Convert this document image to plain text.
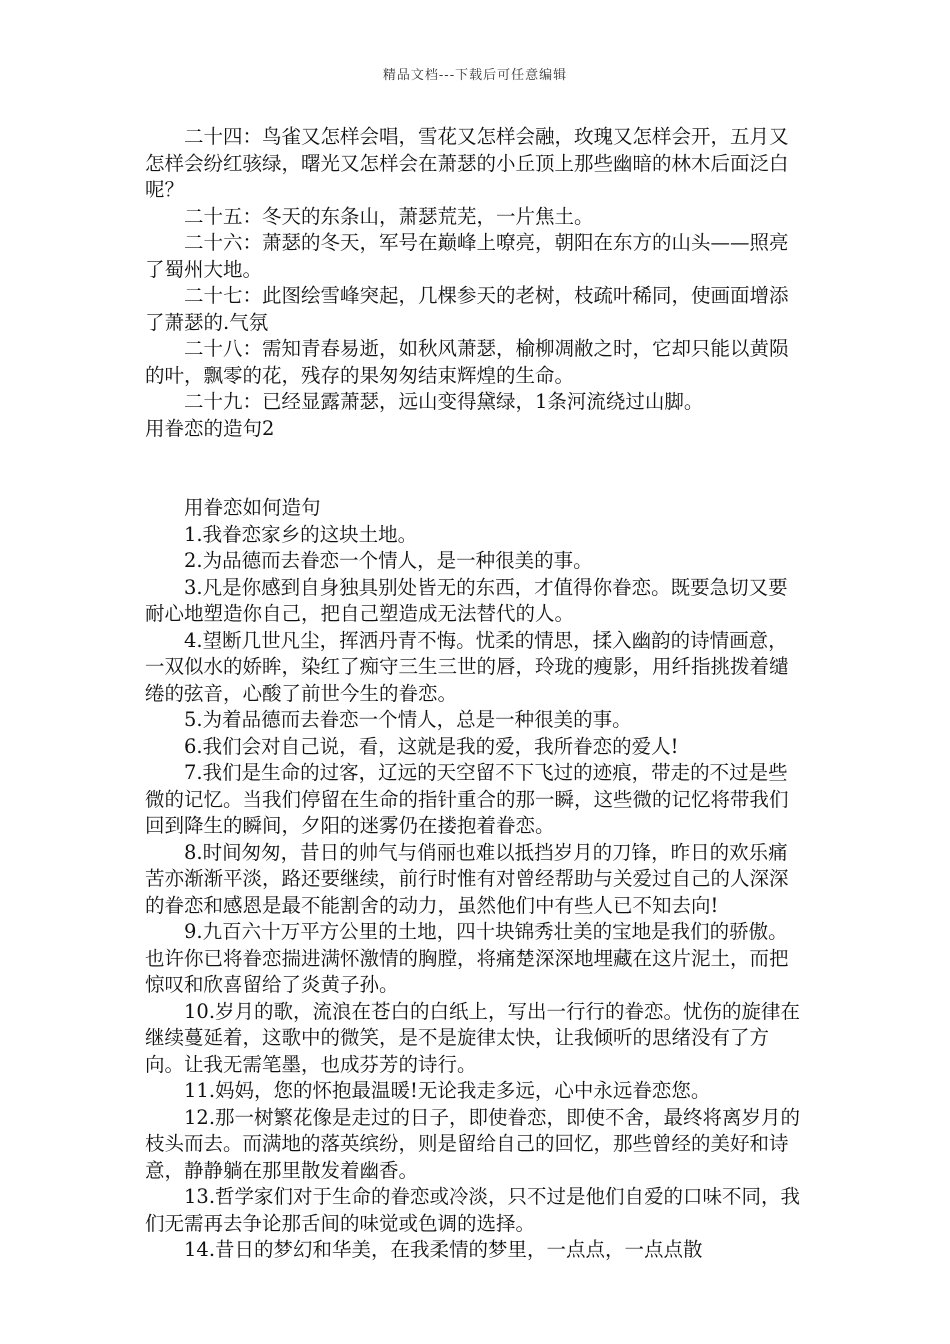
精品文档---下载后可任意编辑

二十四：鸟雀又怎样会唱，雪花又怎样会融，玫瑰又怎样会开，五月又怎样会纷红骇绿，曙光又怎样会在萧瑟的小丘顶上那些幽暗的林木后面泛白呢？

二十五：冬天的东条山，萧瑟荒芜，一片焦土。

二十六：萧瑟的冬天，军号在巅峰上嘹亮，朝阳在东方的山头——照亮了蜀州大地。

二十七：此图绘雪峰突起，几棵参天的老树，枝疏叶稀同，使画面增添了萧瑟的.气氛

二十八：需知青春易逝，如秋风萧瑟，榆柳凋敝之时，它却只能以黄陨的叶，飘零的花，残存的果匆匆结束辉煌的生命。

二十九：已经显露萧瑟，远山变得黛绿，1条河流绕过山脚。

用眷恋的造句2

用眷恋如何造句

1.我眷恋家乡的这块土地。

2.为品德而去眷恋一个情人，是一种很美的事。

3.凡是你感到自身独具别处皆无的东西，才值得你眷恋。既要急切又要耐心地塑造你自己，把自己塑造成无法替代的人。

4.望断几世凡尘，挥洒丹青不悔。忧柔的情思，揉入幽韵的诗情画意，一双似水的娇眸，染红了痴守三生三世的唇，玲珑的瘦影，用纤指挑拨着缱绻的弦音，心酸了前世今生的眷恋。

5.为着品德而去眷恋一个情人，总是一种很美的事。

6.我们会对自己说，看，这就是我的爱，我所眷恋的爱人!

7.我们是生命的过客，辽远的天空留不下飞过的迹痕，带走的不过是些微的记忆。当我们停留在生命的指针重合的那一瞬，这些微的记忆将带我们回到降生的瞬间，夕阳的迷雾仍在搂抱着眷恋。

8.时间匆匆，昔日的帅气与俏丽也难以抵挡岁月的刀锋，昨日的欢乐痛苦亦渐渐平淡，路还要继续，前行时惟有对曾经帮助与关爱过自己的人深深的眷恋和感恩是最不能割舍的动力，虽然他们中有些人已不知去向!

9.九百六十万平方公里的土地，四十块锦秀壮美的宝地是我们的骄傲。也许你已将眷恋揣进满怀激情的胸膛，将痛楚深深地埋藏在这片泥土，而把惊叹和欣喜留给了炎黄子孙。

10.岁月的歌，流浪在苍白的白纸上，写出一行行的眷恋。忧伤的旋律在继续蔓延着，这歌中的微笑，是不是旋律太快，让我倾听的思绪没有了方向。让我无需笔墨，也成芬芳的诗行。

11.妈妈，您的怀抱最温暖!无论我走多远，心中永远眷恋您。

12.那一树繁花像是走过的日子，即使眷恋，即使不舍，最终将离岁月的枝头而去。而满地的落英缤纷，则是留给自己的回忆，那些曾经的美好和诗意，静静躺在那里散发着幽香。

13.哲学家们对于生命的眷恋或冷淡，只不过是他们自爱的口味不同，我们无需再去争论那舌间的味觉或色调的选择。

14.昔日的梦幻和华美，在我柔情的梦里，一点点，一点点散
